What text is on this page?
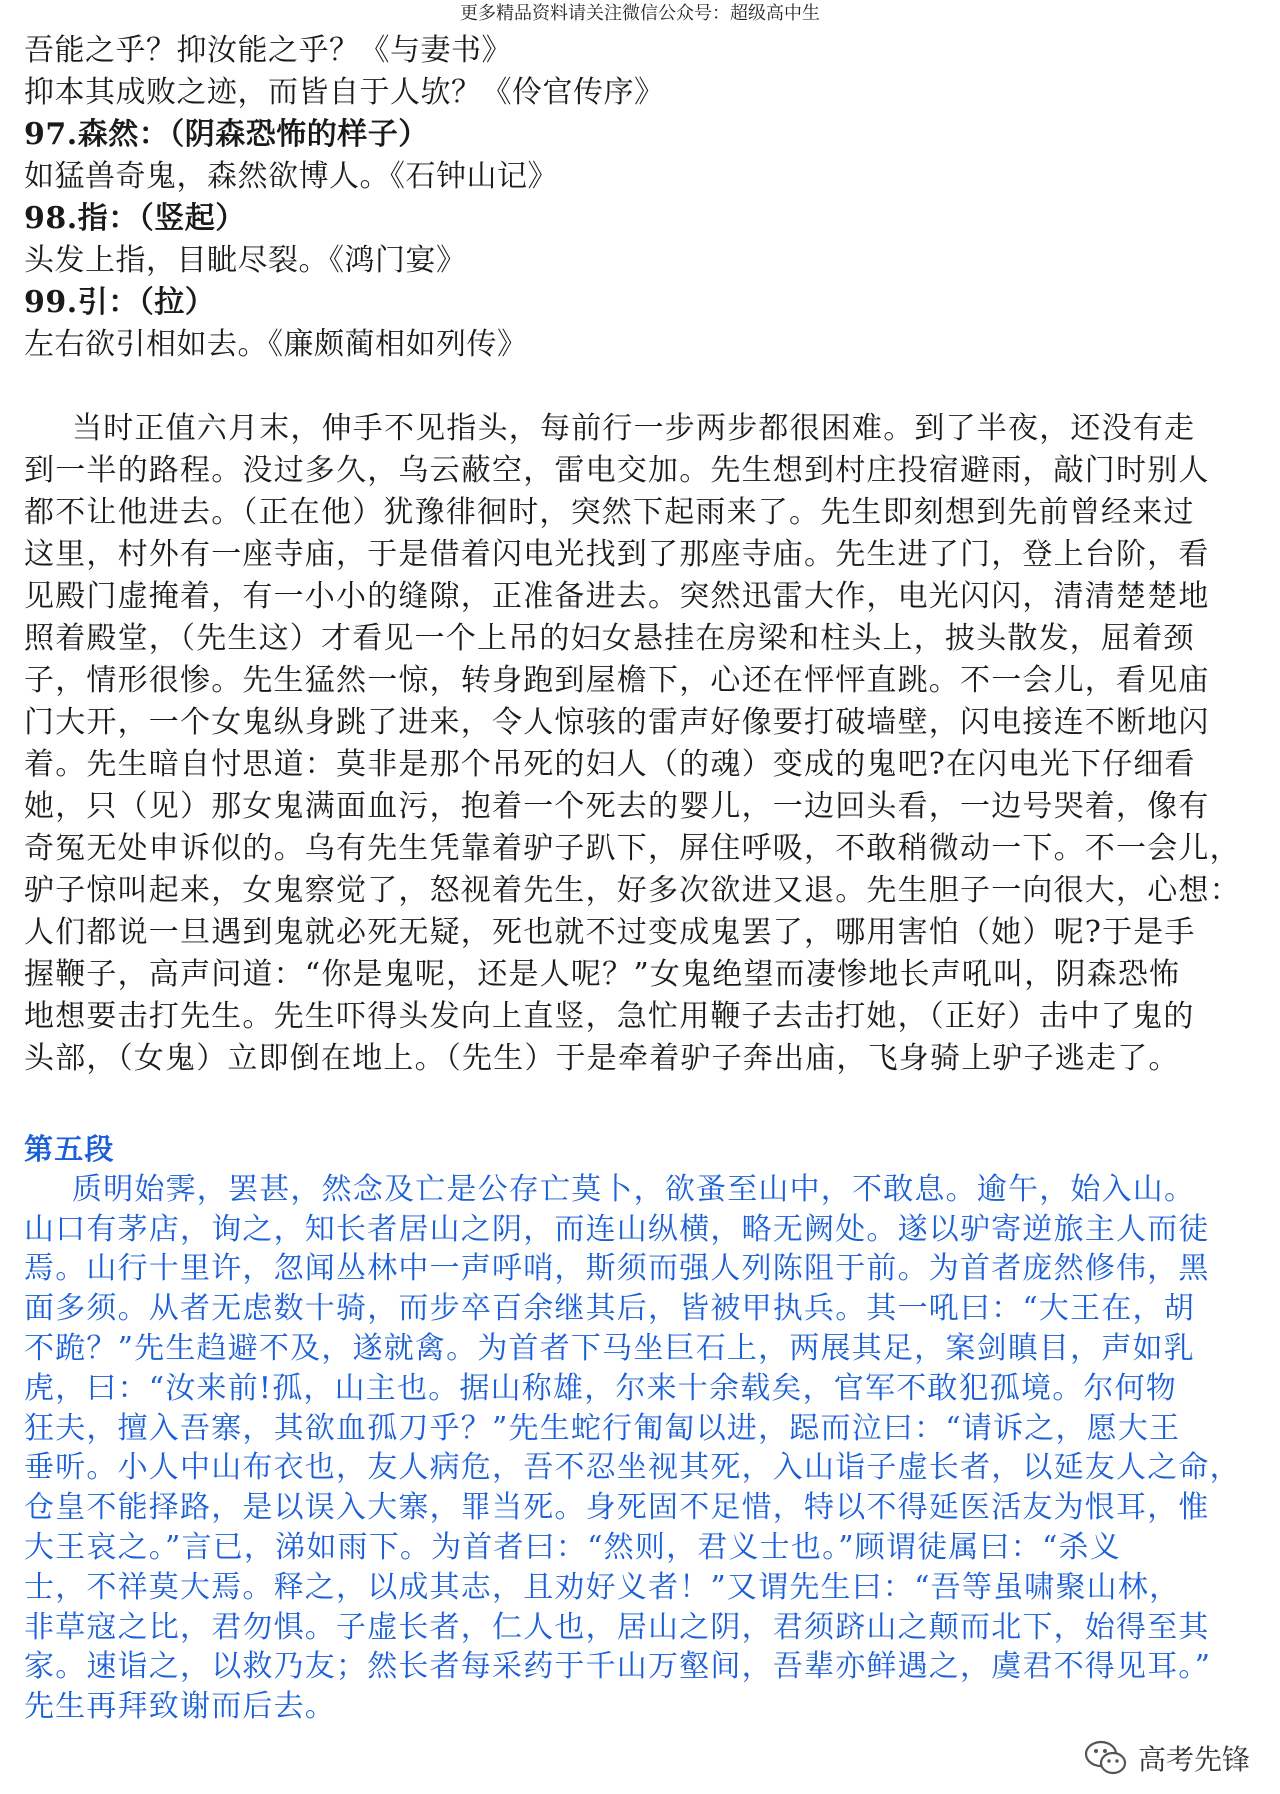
更多精品资料请关注微信公众号：超级高中生
吾能之乎？抑汝能之乎？《与妻书》
抑本其成败之迹，而皆自于人欤？《伶官传序》
97.森然：（阴森恐怖的样子）
如猛兽奇鬼，森然欲博人。《石钟山记》
98.指：（竖起）
头发上指，目眦尽裂。《鸿门宴》
99.引：（拉）
左右欲引相如去。《廉颇蔺相如列传》
当时正值六月末，伸手不见指头，每前行一步两步都很困难。到了半夜，还没有走
到一半的路程。没过多久，乌云蔽空，雷电交加。先生想到村庄投宿避雨，敲门时别人
都不让他进去。（正在他）犹豫徘徊时，突然下起雨来了。先生即刻想到先前曾经来过
这里，村外有一座寺庙，于是借着闪电光找到了那座寺庙。先生进了门，登上台阶，看
见殿门虚掩着，有一小小的缝隙，正准备进去。突然迅雷大作，电光闪闪，清清楚楚地
照着殿堂，（先生这）才看见一个上吊的妇女悬挂在房梁和柱头上，披头散发，屈着颈
子，情形很惨。先生猛然一惊，转身跑到屋檐下，心还在怦怦直跳。不一会儿，看见庙
门大开，一个女鬼纵身跳了进来，令人惊骇的雷声好像要打破墙壁，闪电接连不断地闪
着。先生暗自忖思道：莫非是那个吊死的妇人（的魂）变成的鬼吧?在闪电光下仔细看
她，只（见）那女鬼满面血污，抱着一个死去的婴儿，一边回头看，一边号哭着，像有
奇冤无处申诉似的。乌有先生凭靠着驴子趴下，屏住呼吸，不敢稍微动一下。不一会儿，
驴子惊叫起来，女鬼察觉了，怒视着先生，好多次欲进又退。先生胆子一向很大，心想：
人们都说一旦遇到鬼就必死无疑，死也就不过变成鬼罢了，哪用害怕（她）呢?于是手
握鞭子，高声问道：“你是鬼呢，还是人呢？”女鬼绝望而凄惨地长声吼叫，阴森恐怖
地想要击打先生。先生吓得头发向上直竖，急忙用鞭子去击打她，（正好）击中了鬼的
头部，（女鬼）立即倒在地上。（先生）于是牵着驴子奔出庙，飞身骑上驴子逃走了。
第五段
质明始霁，罢甚，然念及亡是公存亡莫卜，欲蚤至山中，不敢息。逾午，始入山。
山口有茅店，询之，知长者居山之阴，而连山纵横，略无阙处。遂以驴寄逆旅主人而徒
焉。山行十里许，忽闻丛林中一声呼哨，斯须而强人列陈阻于前。为首者庞然修伟，黑
面多须。从者无虑数十骑，而步卒百余继其后，皆被甲执兵。其一吼曰：“大王在，胡
不跪？”先生趋避不及，遂就禽。为首者下马坐巨石上，两展其足，案剑瞋目，声如乳
虎，曰：“汝来前!孤，山主也。据山称雄，尔来十余载矣，官军不敢犯孤境。尔何物
狂夫，擅入吾寨，其欲血孤刀乎？”先生蛇行匍匐以进，跽而泣曰：“请诉之，愿大王
垂听。小人中山布衣也，友人病危，吾不忍坐视其死，入山诣子虚长者，以延友人之命，
仓皇不能择路，是以误入大寨，罪当死。身死固不足惜，特以不得延医活友为恨耳，惟
大王哀之。”言已，涕如雨下。为首者曰：“然则，君义士也。”顾谓徒属曰：“杀义
士，不祥莫大焉。释之，以成其志，且劝好义者！”又谓先生曰：“吾等虽啸聚山林，
非草寇之比，君勿惧。子虚长者，仁人也，居山之阴，君须跻山之颠而北下，始得至其
家。速诣之，以救乃友；然长者每采药于千山万壑间，吾辈亦鲜遇之，虞君不得见耳。”
先生再拜致谢而后去。
高考先锋
